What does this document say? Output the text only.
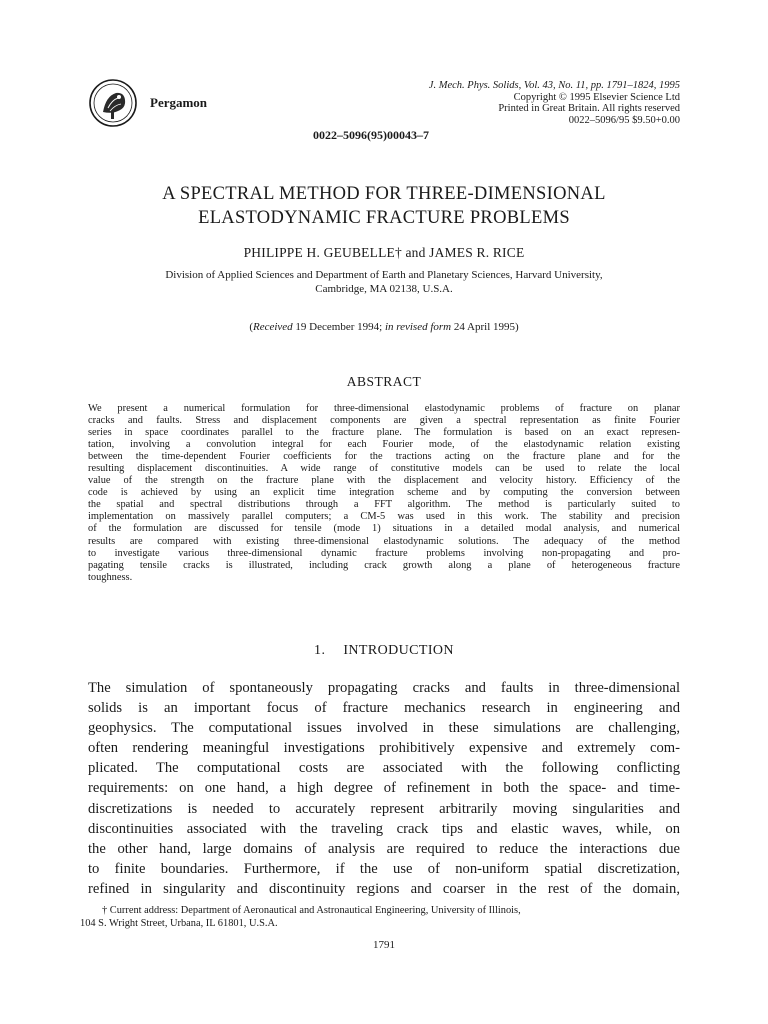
Pergamon
J. Mech. Phys. Solids, Vol. 43, No. 11, pp. 1791–1824, 1995
Copyright © 1995 Elsevier Science Ltd
Printed in Great Britain. All rights reserved
0022–5096/95 $9.50+0.00
0022–5096(95)00043–7
A SPECTRAL METHOD FOR THREE-DIMENSIONAL
ELASTODYNAMIC FRACTURE PROBLEMS
PHILIPPE H. GEUBELLE† and JAMES R. RICE
Division of Applied Sciences and Department of Earth and Planetary Sciences, Harvard University,
Cambridge, MA 02138, U.S.A.
(Received 19 December 1994; in revised form 24 April 1995)
ABSTRACT
We present a numerical formulation for three-dimensional elastodynamic problems of fracture on planar
cracks and faults. Stress and displacement components are given a spectral representation as finite Fourier
series in space coordinates parallel to the fracture plane. The formulation is based on an exact represen-
tation, involving a convolution integral for each Fourier mode, of the elastodynamic relation existing
between the time-dependent Fourier coefficients for the tractions acting on the fracture plane and for the
resulting displacement discontinuities. A wide range of constitutive models can be used to relate the local
value of the strength on the fracture plane with the displacement and velocity history. Efficiency of the
code is achieved by using an explicit time integration scheme and by computing the conversion between
the spatial and spectral distributions through a FFT algorithm. The method is particularly suited to
implementation on massively parallel computers; a CM-5 was used in this work. The stability and precision
of the formulation are discussed for tensile (mode 1) situations in a detailed modal analysis, and numerical
results are compared with existing three-dimensional elastodynamic solutions. The adequacy of the method
to investigate various three-dimensional dynamic fracture problems involving non-propagating and pro-
pagating tensile cracks is illustrated, including crack growth along a plane of heterogeneous fracture
toughness.
1. INTRODUCTION
The simulation of spontaneously propagating cracks and faults in three-dimensional
solids is an important focus of fracture mechanics research in engineering and
geophysics. The computational issues involved in these simulations are challenging,
often rendering meaningful investigations prohibitively expensive and extremely com-
plicated. The computational costs are associated with the following conflicting
requirements: on one hand, a high degree of refinement in both the space- and time-
discretizations is needed to accurately represent arbitrarily moving singularities and
discontinuities associated with the traveling crack tips and elastic waves, while, on
the other hand, large domains of analysis are required to reduce the interactions due
to finite boundaries. Furthermore, if the use of non-uniform spatial discretization,
refined in singularity and discontinuity regions and coarser in the rest of the domain,
† Current address: Department of Aeronautical and Astronautical Engineering, University of Illinois,
104 S. Wright Street, Urbana, IL 61801, U.S.A.
1791
